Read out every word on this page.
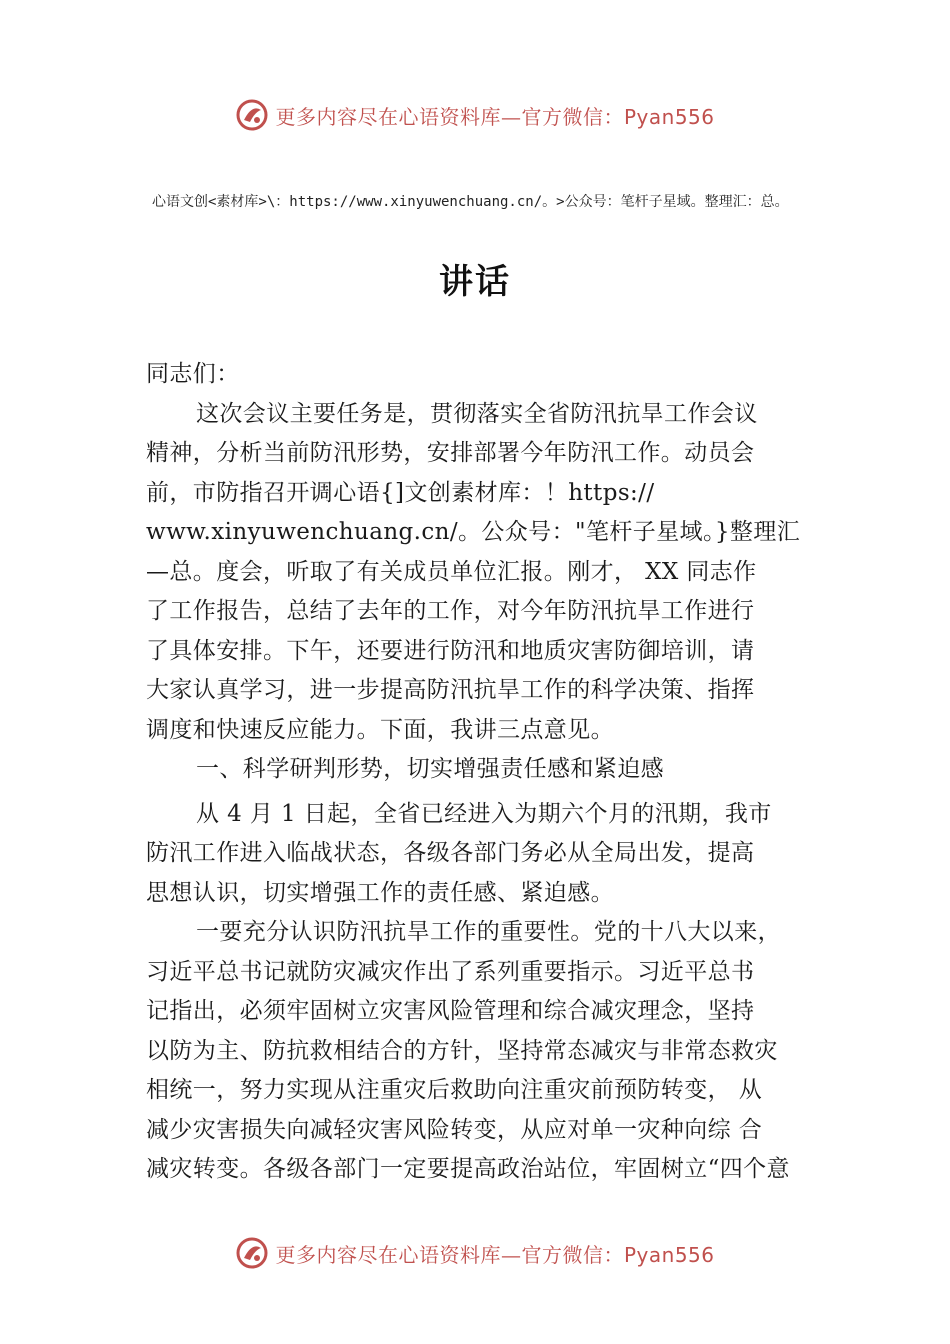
更多内容尽在心语资料库—官方微信：Pyan556
心语文创<素材库>\：https://www.xinyuwenchuang.cn/。>公众号：笔杆子星域。整理汇：总。
讲话
同志们：
这次会议主要任务是，贯彻落实全省防汛抗旱工作会议
精神，分析当前防汛形势，安排部署今年防汛工作。动员会
前，市防指召开调心语{]文创素材库：！https://
www.xinyuwenchuang.cn/。公众号："笔杆子星域。}整理汇
—总。度会，听取了有关成员单位汇报。刚才， XX 同志作
了工作报告，总结了去年的工作，对今年防汛抗旱工作进行
了具体安排。下午，还要进行防汛和地质灾害防御培训，请
大家认真学习，进一步提高防汛抗旱工作的科学决策、指挥
调度和快速反应能力。下面，我讲三点意见。
一、科学研判形势，切实增强责任感和紧迫感
从 4 月 1 日起，全省已经进入为期六个月的汛期，我市
防汛工作进入临战状态，各级各部门务必从全局出发，提高
思想认识，切实增强工作的责任感、紧迫感。
一要充分认识防汛抗旱工作的重要性。党的十八大以来，
习近平总书记就防灾减灾作出了系列重要指示。习近平总书
记指出，必须牢固树立灾害风险管理和综合减灾理念，坚持
以防为主、防抗救相结合的方针，坚持常态减灾与非常态救灾
相统一，努力实现从注重灾后救助向注重灾前预防转变， 从
减少灾害损失向减轻灾害风险转变，从应对单一灾种向综 合
减灾转变。各级各部门一定要提高政治站位，牢固树立“四个意
更多内容尽在心语资料库—官方微信：Pyan556
